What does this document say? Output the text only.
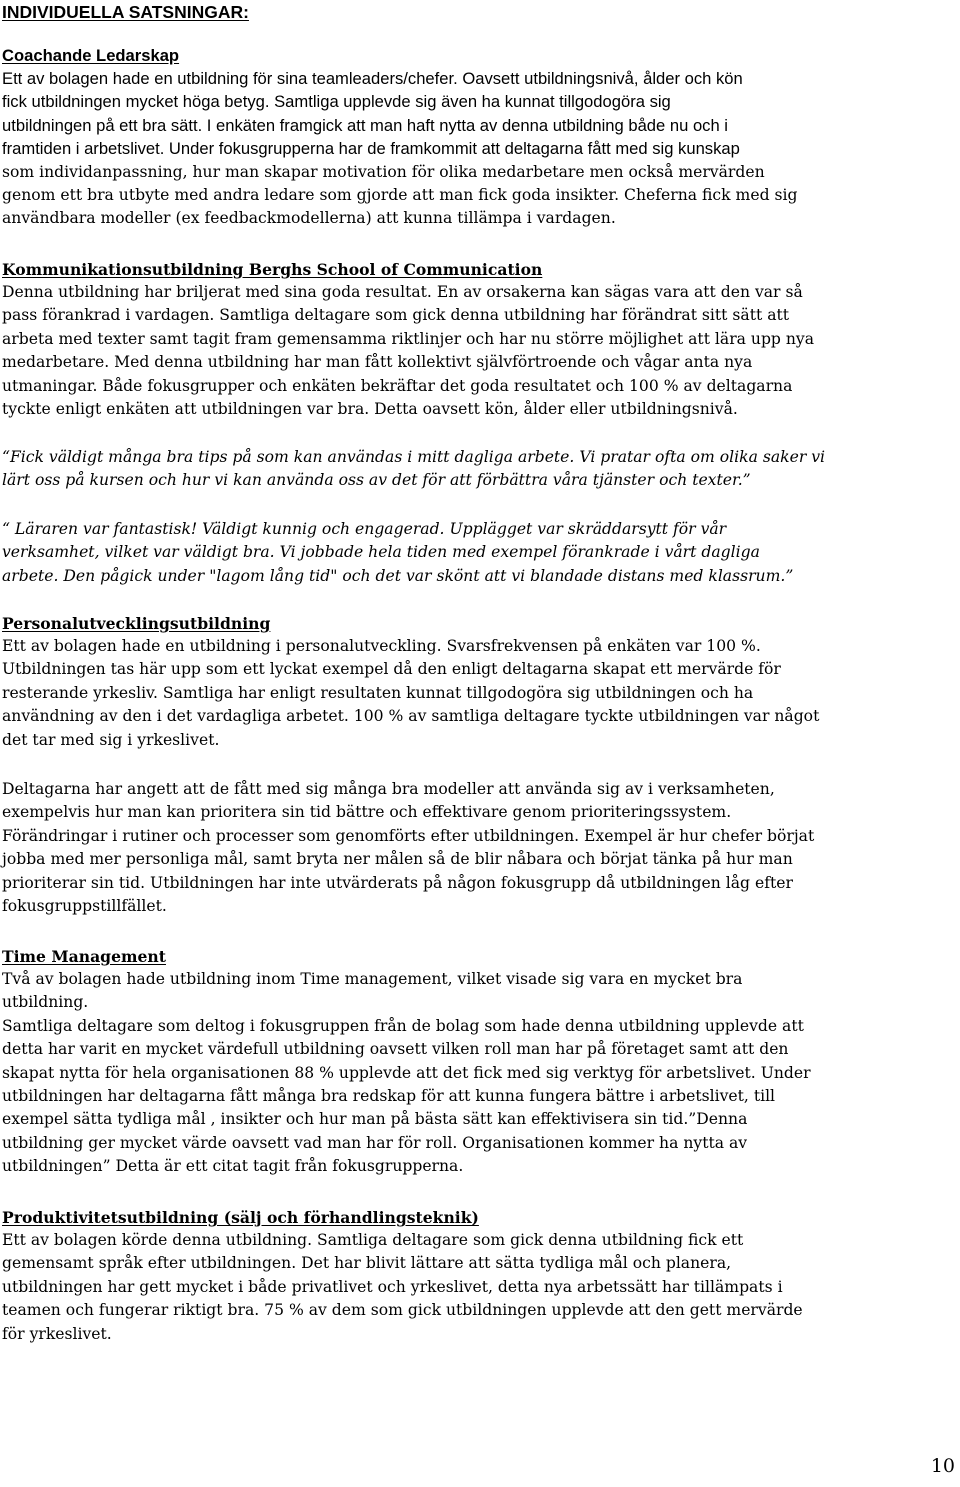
INDIVIDUELLA SATSNINGAR:
Coachande Ledarskap
Ett av bolagen hade en utbildning för sina teamleaders/chefer. Oavsett utbildningsnivå, ålder och kön
fick utbildningen mycket höga betyg. Samtliga upplevde sig även ha kunnat tillgodogöra sig
utbildningen på ett bra sätt. I enkäten framgick att man haft nytta av denna utbildning både nu och i
framtiden i arbetslivet. Under fokusgrupperna har de framkommit att deltagarna fått med sig kunskap
som individanpassning, hur man skapar motivation för olika medarbetare men också mervärden
genom ett bra utbyte med andra ledare som gjorde att man fick goda insikter. Cheferna fick med sig
användbara modeller (ex feedbackmodellerna) att kunna tillämpa i vardagen.
Kommunikationsutbildning Berghs School of Communication
Denna utbildning har briljerat med sina goda resultat. En av orsakerna kan sägas vara att den var så
pass förankrad i vardagen. Samtliga deltagare som gick denna utbildning har förändrat sitt sätt att
arbeta med texter samt tagit fram gemensamma riktlinjer och har nu större möjlighet att lära upp nya
medarbetare. Med denna utbildning har man fått kollektivt självförtroende och vågar anta nya
utmaningar. Både fokusgrupper och enkäten bekräftar det goda resultatet och 100 % av deltagarna
tyckte enligt enkäten att utbildningen var bra. Detta oavsett kön, ålder eller utbildningsnivå.
“Fick väldigt många bra tips på som kan användas i mitt dagliga arbete. Vi pratar ofta om olika saker vi
lärt oss på kursen och hur vi kan använda oss av det för att förbättra våra tjänster och texter.”
“ Läraren var fantastisk! Väldigt kunnig och engagerad. Upplägget var skräddarsytt för vår
verksamhet, vilket var väldigt bra. Vi jobbade hela tiden med exempel förankrade i vårt dagliga
arbete. Den pågick under "lagom lång tid" och det var skönt att vi blandade distans med klassrum.”
Personalutvecklingsutbildning
Ett av bolagen hade en utbildning i personalutveckling. Svarsfrekvensen på enkäten var 100 %.
Utbildningen tas här upp som ett lyckat exempel då den enligt deltagarna skapat ett mervärde för
resterande yrkesliv. Samtliga har enligt resultaten kunnat tillgodogöra sig utbildningen och ha
användning av den i det vardagliga arbetet. 100 % av samtliga deltagare tyckte utbildningen var något
det tar med sig i yrkeslivet.
Deltagarna har angett att de fått med sig många bra modeller att använda sig av i verksamheten,
exempelvis hur man kan prioritera sin tid bättre och effektivare genom prioriteringssystem.
Förändringar i rutiner och processer som genomförts efter utbildningen. Exempel är hur chefer börjat
jobba med mer personliga mål, samt bryta ner målen så de blir nåbara och börjat tänka på hur man
prioriterar sin tid. Utbildningen har inte utvärderats på någon fokusgrupp då utbildningen låg efter
fokusgruppstillfället.
Time Management
Två av bolagen hade utbildning inom Time management, vilket visade sig vara en mycket bra
utbildning.
Samtliga deltagare som deltog i fokusgruppen från de bolag som hade denna utbildning upplevde att
detta har varit en mycket värdefull utbildning oavsett vilken roll man har på företaget samt att den
skapat nytta för hela organisationen 88 % upplevde att det fick med sig verktyg för arbetslivet. Under
utbildningen har deltagarna fått många bra redskap för att kunna fungera bättre i arbetslivet, till
exempel sätta tydliga mål , insikter och hur man på bästa sätt kan effektivisera sin tid.”Denna
utbildning ger mycket värde oavsett vad man har för roll. Organisationen kommer ha nytta av
utbildningen” Detta är ett citat tagit från fokusgrupperna.
Produktivitetsutbildning (sälj och förhandlingsteknik)
Ett av bolagen körde denna utbildning. Samtliga deltagare som gick denna utbildning fick ett
gemensamt språk efter utbildningen. Det har blivit lättare att sätta tydliga mål och planera,
utbildningen har gett mycket i både privatlivet och yrkeslivet, detta nya arbetssätt har tillämpats i
teamen och fungerar riktigt bra. 75 % av dem som gick utbildningen upplevde att den gett mervärde
för yrkeslivet.

10
